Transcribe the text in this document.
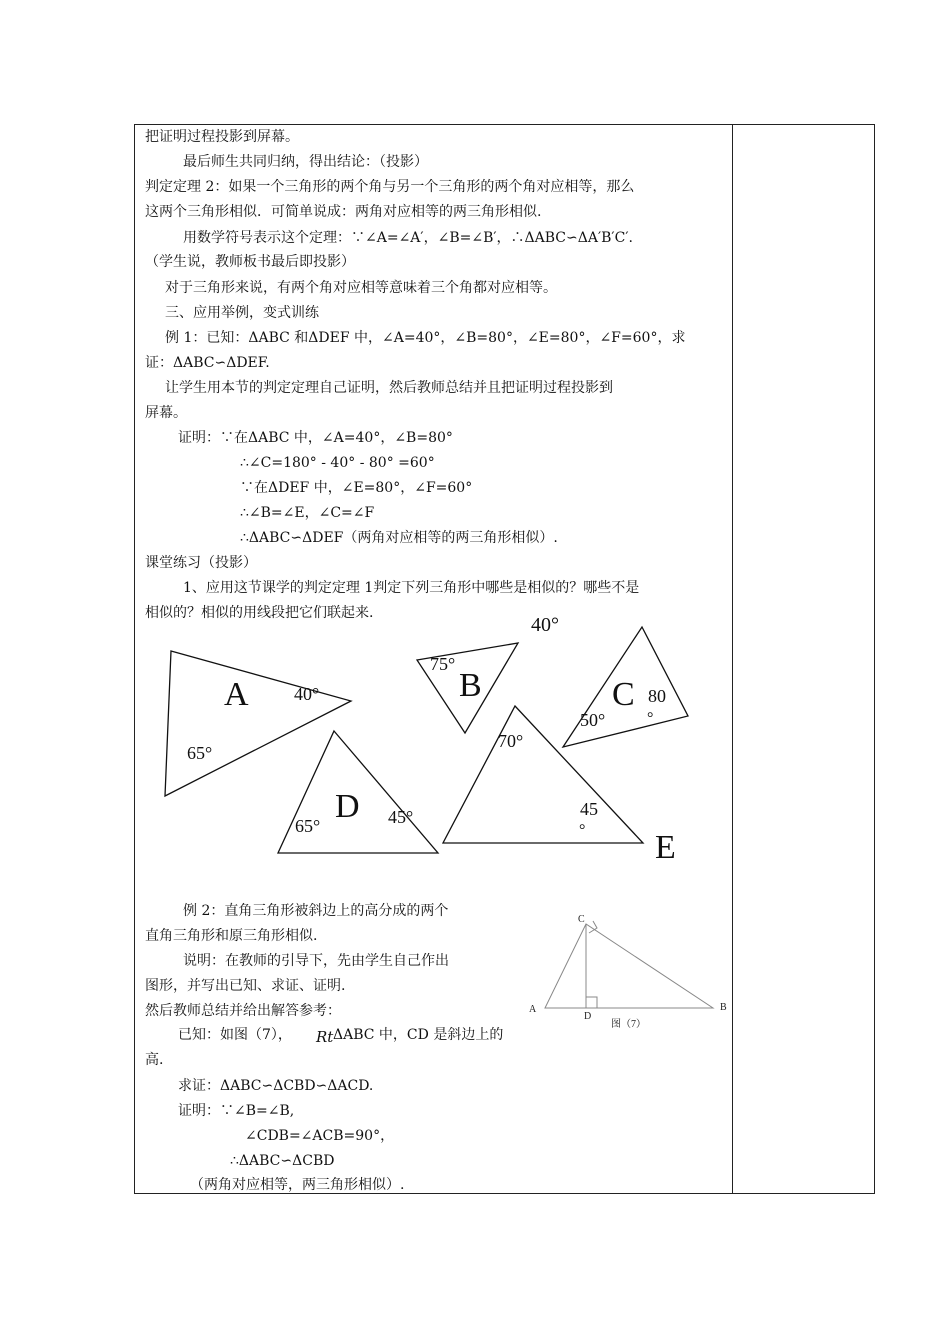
把证明过程投影到屏幕。
最后师生共同归纳，得出结论：（投影）
判定定理 2：如果一个三角形的两个角与另一个三角形的两个角对应相等，那么
这两个三角形相似．可简单说成：两角对应相等的两三角形相似.
用数学符号表示这个定理：∵∠A=∠A′，∠B=∠B′，∴ΔABC∽ΔA′B′C′.
（学生说，教师板书最后即投影）
对于三角形来说，有两个角对应相等意味着三个角都对应相等。
三、应用举例，变式训练
例 1：已知：ΔABC 和ΔDEF 中，∠A=40°，∠B=80°，∠E=80°，∠F=60°，求
证：ΔABC∽ΔDEF.
让学生用本节的判定定理自己证明，然后教师总结并且把证明过程投影到
屏幕。
证明：∵在ΔABC 中，∠A=40°，∠B=80°
∴∠C=180° - 40° - 80° =60°
∵在ΔDEF 中，∠E=80°，∠F=60°
∴∠B=∠E，∠C=∠F
∴ΔABC∽ΔDEF（两角对应相等的两三角形相似）.
课堂练习（投影）
1、应用这节课学的判定定理 1判定下列三角形中哪些是相似的？哪些不是
相似的？相似的用线段把它们联起来.
A	40°
65°
B
75°
40°
C
50°
80
°
D
65°	45°
70°
45
° E
例 2：直角三角形被斜边上的高分成的两个
直角三角形和原三角形相似.
说明：在教师的引导下，先由学生自己作出
图形，并写出已知、求证、证明.
然后教师总结并给出解答参考：
已知：如图（7）， Rt ΔABC 中，CD 是斜边上的
高.
求证：ΔABC∽ΔCBD∽ΔACD.
证明：∵∠B=∠B,
∠CDB=∠ACB=90°，
∴ΔABC∽ΔCBD
（两角对应相等，两三角形相似）.
C
A
D
B
图（7）
